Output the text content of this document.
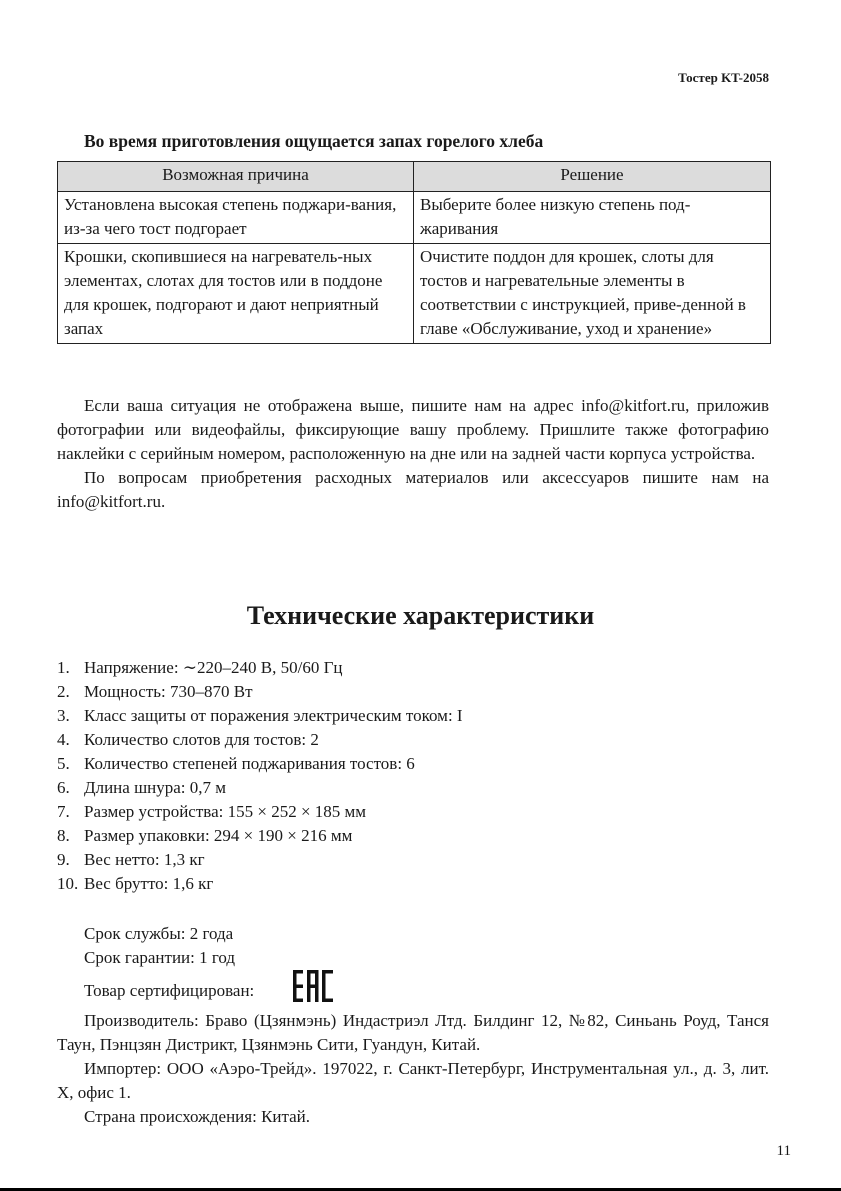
Тостер KT-2058
Во время приготовления ощущается запах горелого хлеба
Возможная причина	Решение
Установлена высокая степень поджари-вания, из-за чего тост подгорает	Выберите более низкую степень под-жаривания
Крошки, скопившиеся на нагреватель-ных элементах, слотах для тостов или в поддоне для крошек, подгорают и дают неприятный запах	Очистите поддон для крошек, слоты для тостов и нагревательные элементы в соответствии с инструкцией, приве-денной в главе «Обслуживание, уход и хранение»

Если ваша ситуация не отображена выше, пишите нам на адрес info@kitfort.ru, приложив фотографии или видеофайлы, фиксирующие вашу проблему. Пришлите также фотографию наклейки с серийным номером, расположенную на дне или на задней части корпуса устройства.

По вопросам приобретения расходных материалов или аксессуаров пишите нам на info@kitfort.ru.

Технические характеристики
1. Напряжение: ∼220–240 В, 50/60 Гц
2. Мощность: 730–870 Вт
3. Класс защиты от поражения электрическим током: I
4. Количество слотов для тостов: 2
5. Количество степеней поджаривания тостов: 6
6. Длина шнура: 0,7 м
7. Размер устройства: 155 × 252 × 185 мм
8. Размер упаковки: 294 × 190 × 216 мм
9. Вес нетто: 1,3 кг
10. Вес брутто: 1,6 кг

Срок службы: 2 года

Срок гарантии: 1 год

Товар сертифицирован:

Производитель: Браво (Цзянмэнь) Индастриэл Лтд. Билдинг 12, №82, Синьань Роуд, Танся Таун, Пэнцзян Дистрикт, Цзянмэнь Сити, Гуандун, Китай.

Импортер: ООО «Аэро-Трейд». 197022, г. Санкт-Петербург, Инструментальная ул., д. 3, лит. Х, офис 1.

Страна происхождения: Китай.

11
